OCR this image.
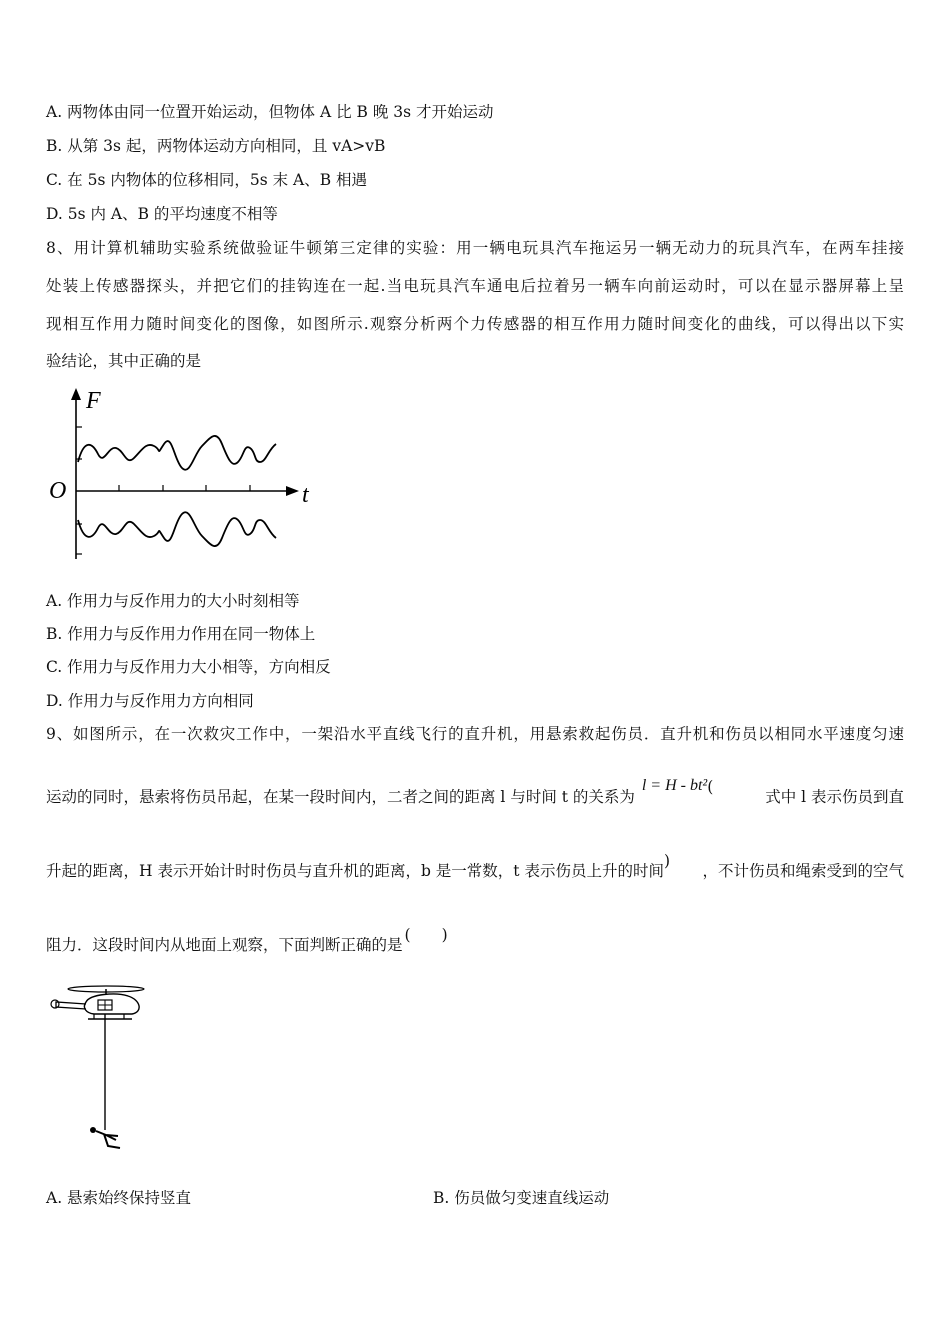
A. 两物体由同一位置开始运动，但物体 A 比 B 晚 3s 才开始运动
B. 从第 3s 起，两物体运动方向相同，且 vA>vB
C. 在 5s 内物体的位移相同，5s 末 A、B 相遇
D. 5s 内 A、B 的平均速度不相等
8、用计算机辅助实验系统做验证牛顿第三定律的实验：用一辆电玩具汽车拖运另一辆无动力的玩具汽车，在两车挂接
处装上传感器探头，并把它们的挂钩连在一起.当电玩具汽车通电后拉着另一辆车向前运动时，可以在显示器屏幕上呈
现相互作用力随时间变化的图像，如图所示.观察分析两个力传感器的相互作用力随时间变化的曲线，可以得出以下实
验结论，其中正确的是
F
O	t
A. 作用力与反作用力的大小时刻相等
B. 作用力与反作用力作用在同一物体上
C. 作用力与反作用力大小相等，方向相反
D. 作用力与反作用力方向相同
9、如图所示，在一次救灾工作中，一架沿水平直线飞行的直升机，用悬索救起伤员．直升机和伤员以相同水平速度匀速
运动的同时，悬索将伤员吊起，在某一段时间内，二者之间的距离 l 与时间 t 的关系为 l = H - bt²(
式中 l 表示伤员到直
升起的距离，H 表示开始计时时伤员与直升机的距离，b 是一常数，t 表示伤员上升的时间)
，不计伤员和绳索受到的空气
阻力．这段时间内从地面上观察，下面判断正确的是(　　)
A. 悬索始终保持竖直	B. 伤员做匀变速直线运动
